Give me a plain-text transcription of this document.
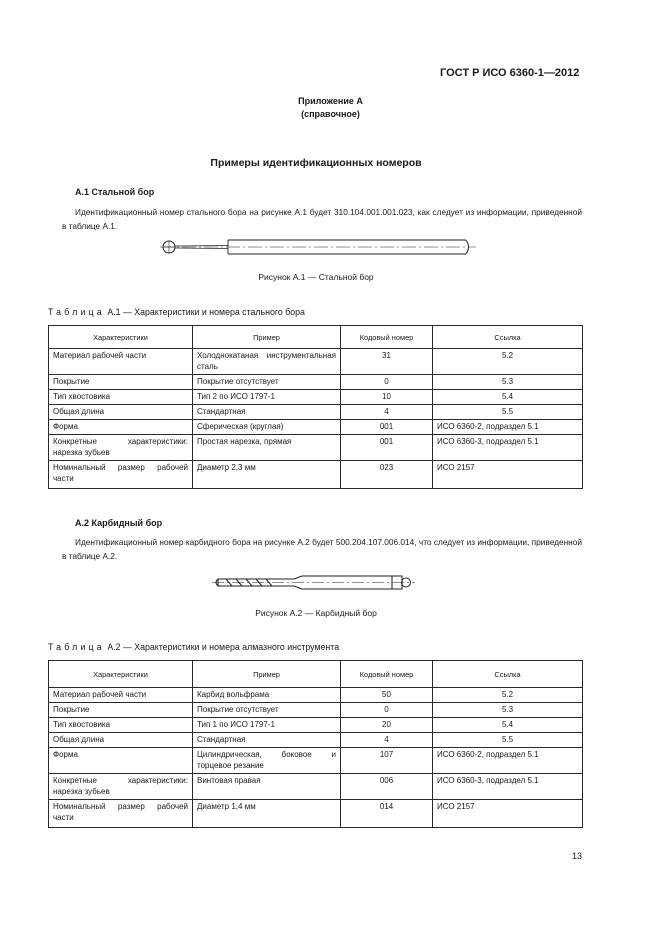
ГОСТ Р ИСО 6360-1—2012
Приложение А
(справочное)
Примеры идентификационных номеров
А.1 Стальной бор
Идентификационный номер стального бора на рисунке А.1 будет 310.104.001.001.023, как следует из информации, приведенной в таблице А.1.
Рисунок А.1 — Стальной бор
Таблица А.1 — Характеристики и номера стального бора
Характеристики	Пример	Кодовый номер	Ссылка
Материал рабочей части	Холоднокатаная инструментальная сталь	31	5.2
Покрытие	Покрытие отсутствует	0	5.3
Тип хвостовика	Тип 2 по ИСО 1797-1	10	5.4
Общая длина	Стандартная	4	5.5
Форма	Сферическая (круглая)	001	ИСО 6360-2, подраздел 5.1
Конкретные характеристики: нарезка зубьев	Простая нарезка, прямая	001	ИСО 6360-3, подраздел 5.1
Номинальный размер рабочей части	Диаметр 2,3 мм	023	ИСО 2157
А.2 Карбидный бор
Идентификационный номер карбидного бора на рисунке А.2 будет 500.204.107.006.014, что следует из информации, приведенной в таблице А.2.
Рисунок А.2 — Карбидный бор
Таблица А.2 — Характеристики и номера алмазного инструмента
Характеристики	Пример	Кодовый номер	Ссылка
Материал рабочей части	Карбид вольфрама	50	5.2
Покрытие	Покрытие отсутствует	0	5.3
Тип хвостовика	Тип 1 по ИСО 1797-1	20	5.4
Общая длина	Стандартная	4	5.5
Форма	Цилиндрическая, боковое и торцевое резание	107	ИСО 6360-2, подраздел 5.1
Конкретные характеристики: нарезка зубьев	Винтовая правая	006	ИСО 6360-3, подраздел 5.1
Номинальный размер рабочей части	Диаметр 1,4 мм	014	ИСО 2157
13
